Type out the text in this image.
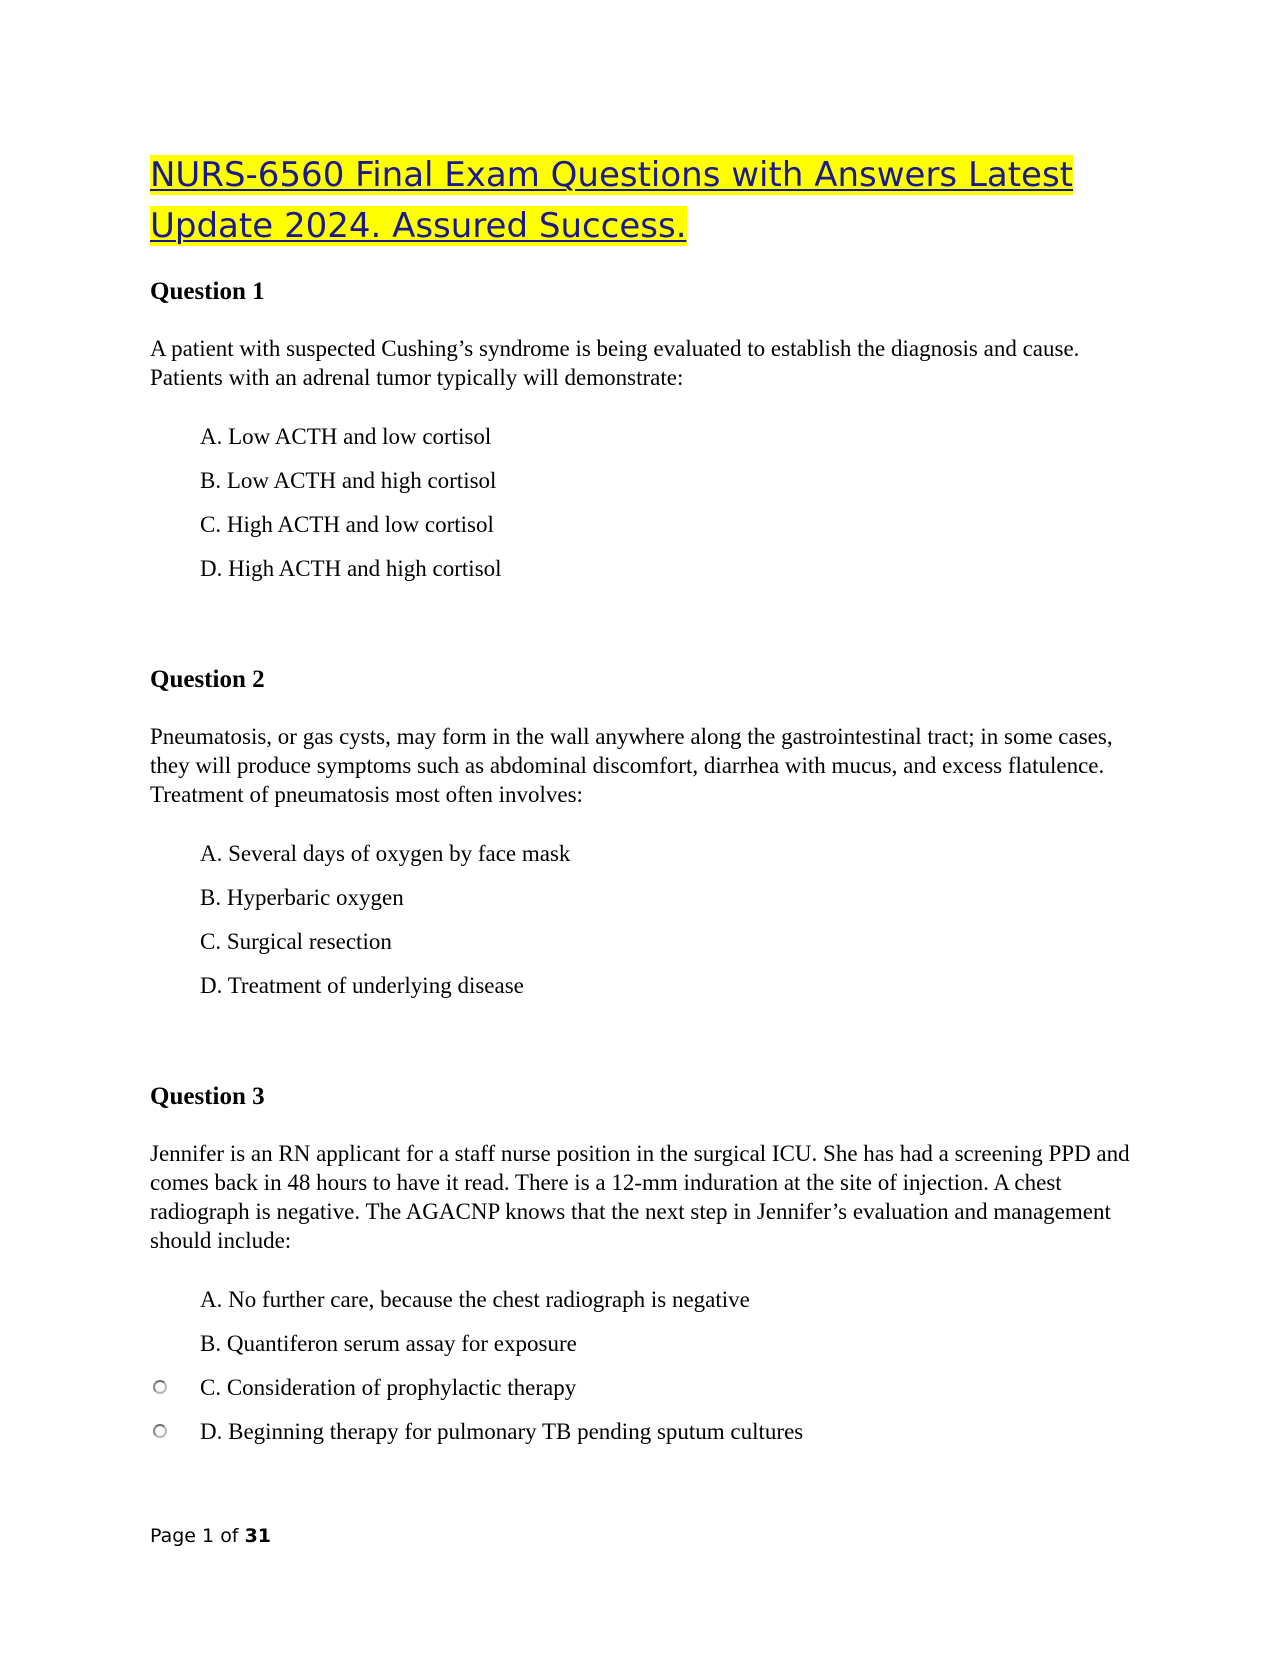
NURS-6560 Final Exam Questions with Answers Latest Update 2024. Assured Success.
Question 1

A patient with suspected Cushing’s syndrome is being evaluated to establish the diagnosis and cause. Patients with an adrenal tumor typically will demonstrate:

A. Low ACTH and low cortisol
B. Low ACTH and high cortisol
C. High ACTH and low cortisol
D. High ACTH and high cortisol
Question 2

Pneumatosis, or gas cysts, may form in the wall anywhere along the gastrointestinal tract; in some cases, they will produce symptoms such as abdominal discomfort, diarrhea with mucus, and excess flatulence. Treatment of pneumatosis most often involves:

A. Several days of oxygen by face mask
B. Hyperbaric oxygen
C. Surgical resection
D. Treatment of underlying disease
Question 3

Jennifer is an RN applicant for a staff nurse position in the surgical ICU. She has had a screening PPD and comes back in 48 hours to have it read. There is a 12-mm induration at the site of injection. A chest radiograph is negative. The AGACNP knows that the next step in Jennifer’s evaluation and management should include:

A. No further care, because the chest radiograph is negative
B. Quantiferon serum assay for exposure
C. Consideration of prophylactic therapy
D. Beginning therapy for pulmonary TB pending sputum cultures
Page 1 of 31
